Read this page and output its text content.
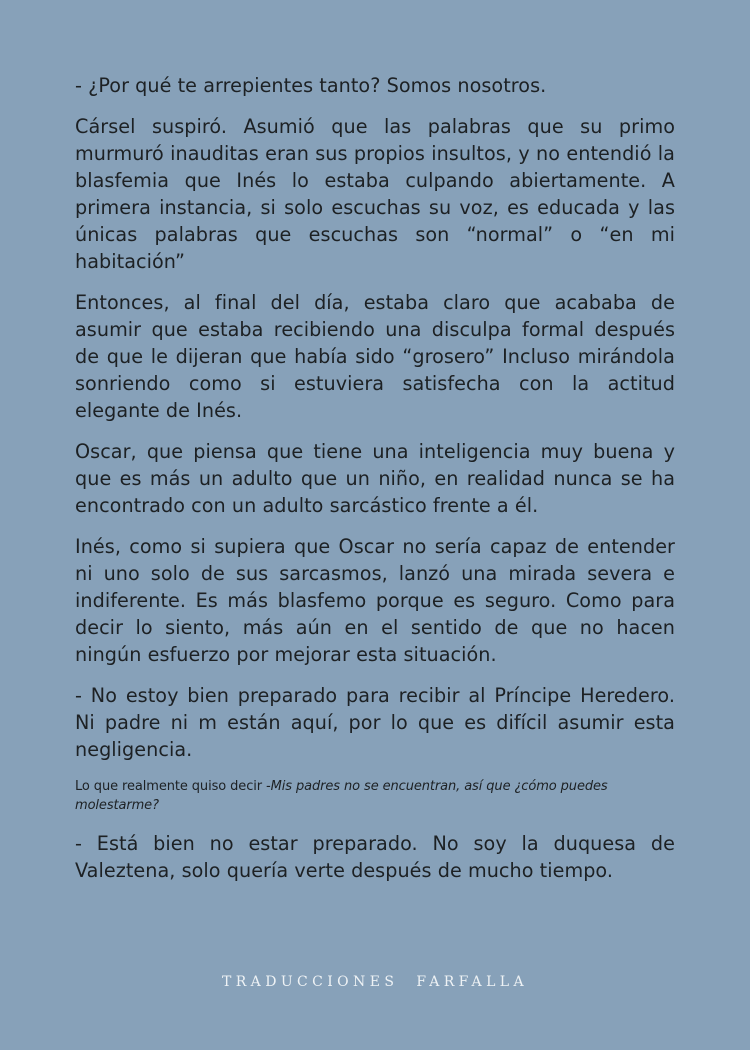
- ¿Por qué te arrepientes tanto? Somos nosotros.

Cársel suspiró. Asumió que las palabras que su primo murmuró inauditas eran sus propios insultos, y no entendió la blasfemia que Inés lo estaba culpando abiertamente. A primera instancia, si solo escuchas su voz, es educada y las únicas palabras que escuchas son “normal” o “en mi habitación”

Entonces, al final del día, estaba claro que acababa de asumir que estaba recibiendo una disculpa formal después de que le dijeran que había sido “grosero” Incluso mirándola sonriendo como si estuviera satisfecha con la actitud elegante de Inés.

Oscar, que piensa que tiene una inteligencia muy buena y que es más un adulto que un niño, en realidad nunca se ha encontrado con un adulto sarcástico frente a él.

Inés, como si supiera que Oscar no sería capaz de entender ni uno solo de sus sarcasmos, lanzó una mirada severa e indiferente. Es más blasfemo porque es seguro. Como para decir lo siento, más aún en el sentido de que no hacen ningún esfuerzo por mejorar esta situación.

- No estoy bien preparado para recibir al Príncipe Heredero. Ni padre ni m están aquí, por lo que es difícil asumir esta negligencia.

Lo que realmente quiso decir -Mis padres no se encuentran, así que ¿cómo puedes molestarme?

- Está bien no estar preparado. No soy la duquesa de Valeztena, solo quería verte después de mucho tiempo.

TRADUCCIONES FARFALLA
